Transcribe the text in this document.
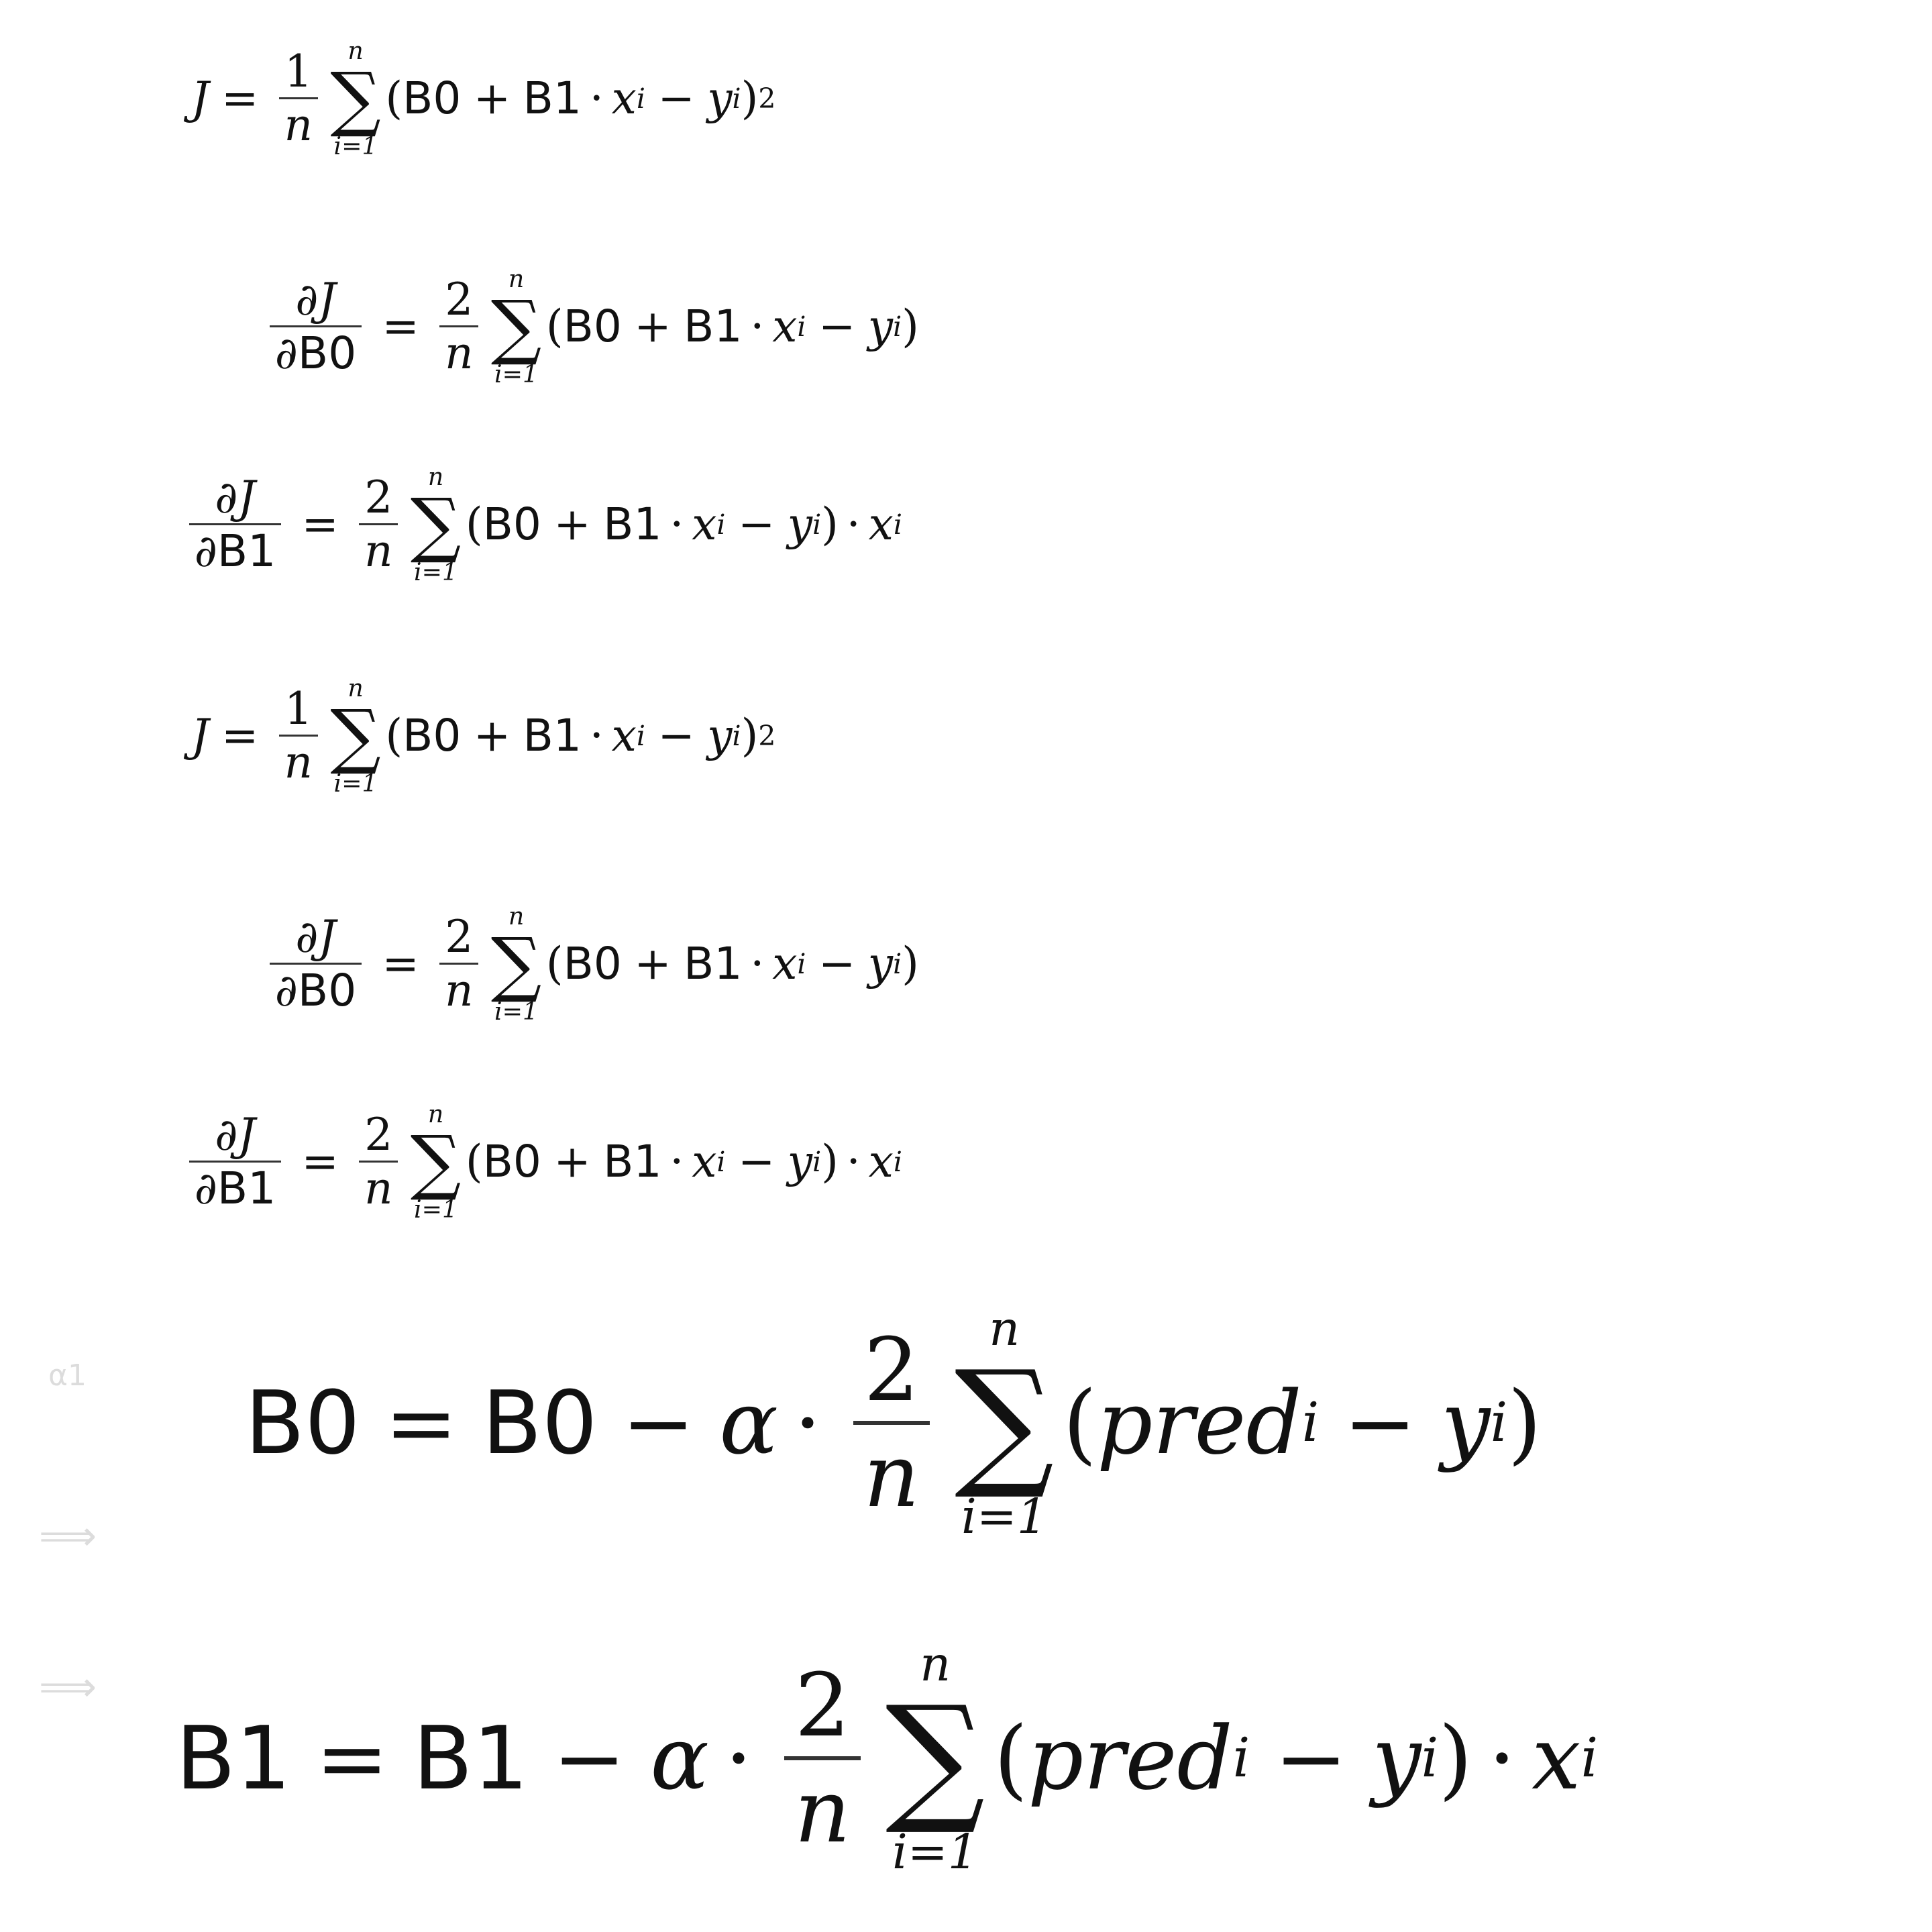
$J = \frac{1}{n}$ n
∑
i=1
( B0 + B1 · x i − y i ) 2
$\frac{\partial J}{\partial B0} = \frac{2}{n}$ n
∑
i=1
( B0 + B1 · x i − y i )
$\frac{\partial J}{\partial B1} = \frac{2}{n}$ n
∑
i=1
( B0 + B1 · x i − y i ) · x i
$J = \frac{1}{n}$ n
∑
i=1
( B0 + B1 · x i − y i ) 2
$\frac{\partial J}{\partial B0} = \frac{2}{n}$ n
∑
i=1
( B0 + B1 · x i − y i )
$\frac{\partial J}{\partial B1} = \frac{2}{n}$ n
∑
i=1
( B0 + B1 · x i − y i ) · x i
α1
⟹
⟹
B0 = B0 − α ·
2
n
n
∑
i=1
( pred i − y i )
B1 = B1 − α ·
2
n
n
∑
i=1
( pred i − y i ) · x i
